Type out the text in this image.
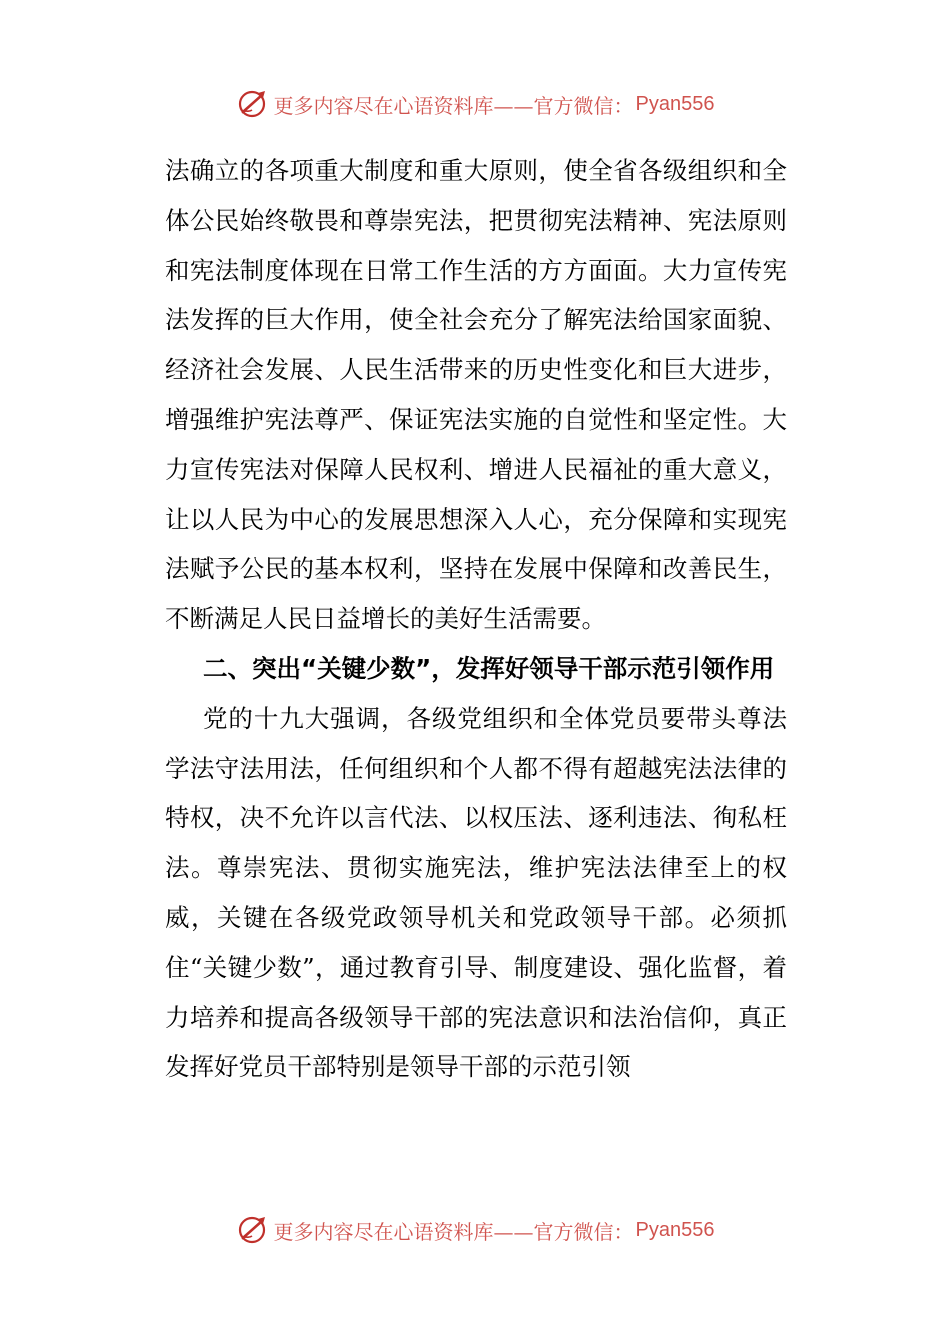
更多内容尽在心语资料库——官方微信： Pyan556

法确立的各项重大制度和重大原则，使全省各级组织和全体公民始终敬畏和尊崇宪法，把贯彻宪法精神、宪法原则和宪法制度体现在日常工作生活的方方面面。大力宣传宪法发挥的巨大作用，使全社会充分了解宪法给国家面貌、经济社会发展、人民生活带来的历史性变化和巨大进步，增强维护宪法尊严、保证宪法实施的自觉性和坚定性。大力宣传宪法对保障人民权利、增进人民福祉的重大意义，让以人民为中心的发展思想深入人心，充分保障和实现宪法赋予公民的基本权利，坚持在发展中保障和改善民生，不断满足人民日益增长的美好生活需要。

二、突出“关键少数”，发挥好领导干部示范引领作用

党的十九大强调，各级党组织和全体党员要带头尊法学法守法用法，任何组织和个人都不得有超越宪法法律的特权，决不允许以言代法、以权压法、逐利违法、徇私枉法。尊崇宪法、贯彻实施宪法，维护宪法法律至上的权威，关键在各级党政领导机关和党政领导干部。必须抓住“关键少数”，通过教育引导、制度建设、强化监督，着力培养和提高各级领导干部的宪法意识和法治信仰，真正发挥好党员干部特别是领导干部的示范引领

更多内容尽在心语资料库——官方微信： Pyan556
